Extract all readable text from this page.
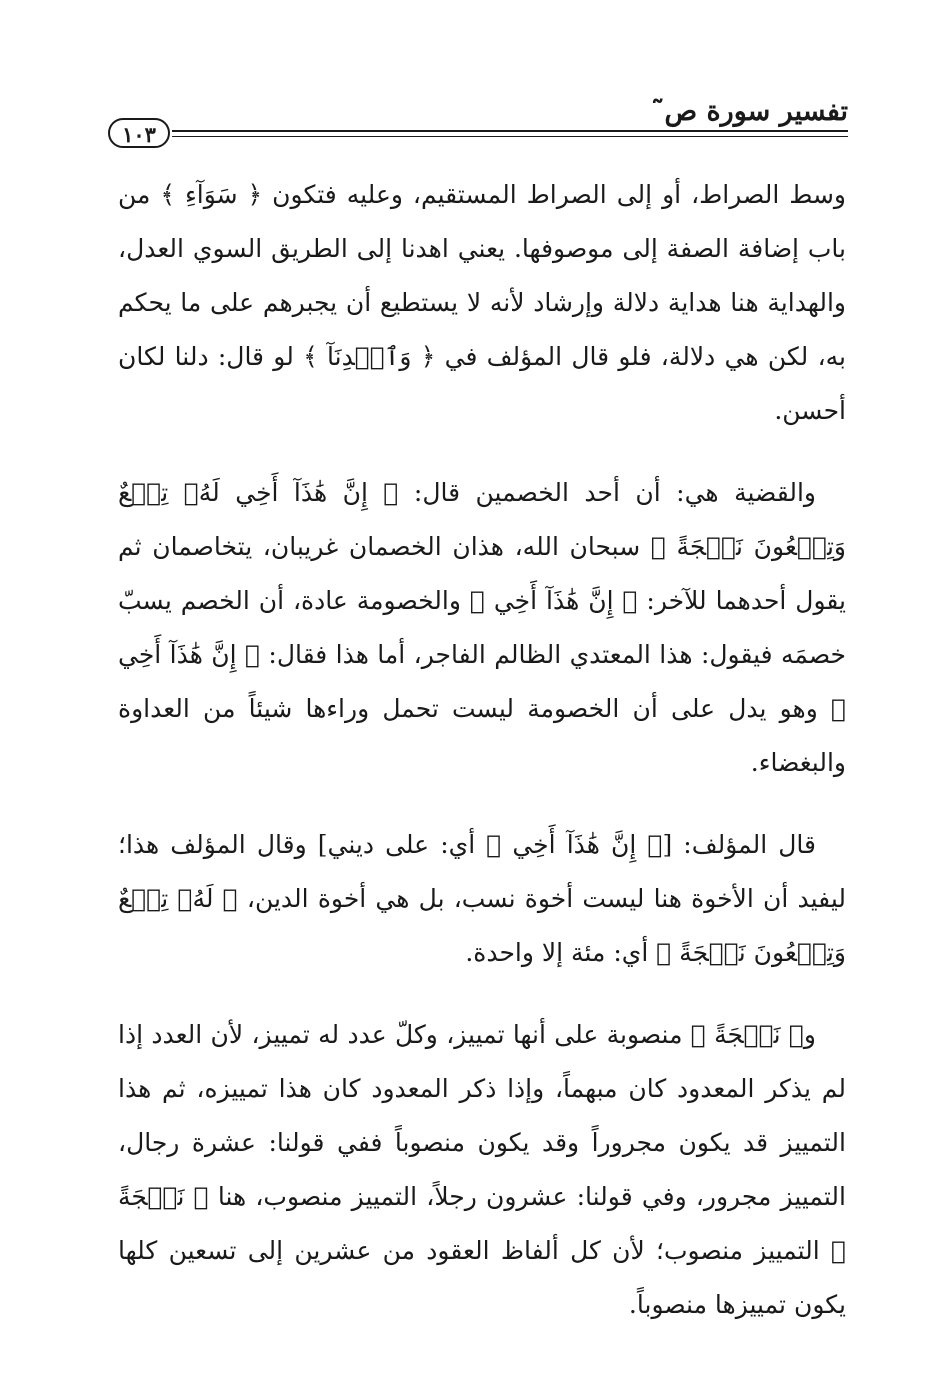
تفسير سورة ص̃
١٠٣

وسط الصراط، أو إلى الصراط المستقيم، وعليه فتكون ﴿ سَوَآءِ ﴾ من باب إضافة الصفة إلى موصوفها. يعني اهدنا إلى الطريق السوي العدل، والهداية هنا هداية دلالة وإرشاد لأنه لا يستطيع أن يجبرهم على ما يحكم به، لكن هي دلالة، فلو قال المؤلف في ﴿ وَٱهۡدِنَآ ﴾ لو قال: دلنا لكان أحسن.

والقضية هي: أن أحد الخصمين قال: ﴿ إِنَّ هَٰذَآ أَخِي لَهُۥ تِسۡعٌ وَتِسۡعُونَ نَعۡجَةً ﴾ سبحان الله، هذان الخصمان غريبان، يتخاصمان ثم يقول أحدهما للآخر: ﴿ إِنَّ هَٰذَآ أَخِي ﴾ والخصومة عادة، أن الخصم يسبّ خصمَه فيقول: هذا المعتدي الظالم الفاجر، أما هذا فقال: ﴿ إِنَّ هَٰذَآ أَخِي ﴾ وهو يدل على أن الخصومة ليست تحمل وراءها شيئاً من العداوة والبغضاء.

قال المؤلف: [﴿ إِنَّ هَٰذَآ أَخِي ﴾ أي: على ديني] وقال المؤلف هذا؛ ليفيد أن الأخوة هنا ليست أخوة نسب، بل هي أخوة الدين، ﴿ لَهُۥ تِسۡعٌ وَتِسۡعُونَ نَعۡجَةً ﴾ أي: مئة إلا واحدة.

و﴿ نَعۡجَةً ﴾ منصوبة على أنها تمييز، وكلّ عدد له تمييز، لأن العدد إذا لم يذكر المعدود كان مبهماً، وإذا ذكر المعدود كان هذا تمييزه، ثم هذا التمييز قد يكون مجروراً وقد يكون منصوباً ففي قولنا: عشرة رجال، التمييز مجرور، وفي قولنا: عشرون رجلاً، التمييز منصوب، هنا ﴿ نَعۡجَةً ﴾ التمييز منصوب؛ لأن كل ألفاظ العقود من عشرين إلى تسعين كلها يكون تمييزها منصوباً.
